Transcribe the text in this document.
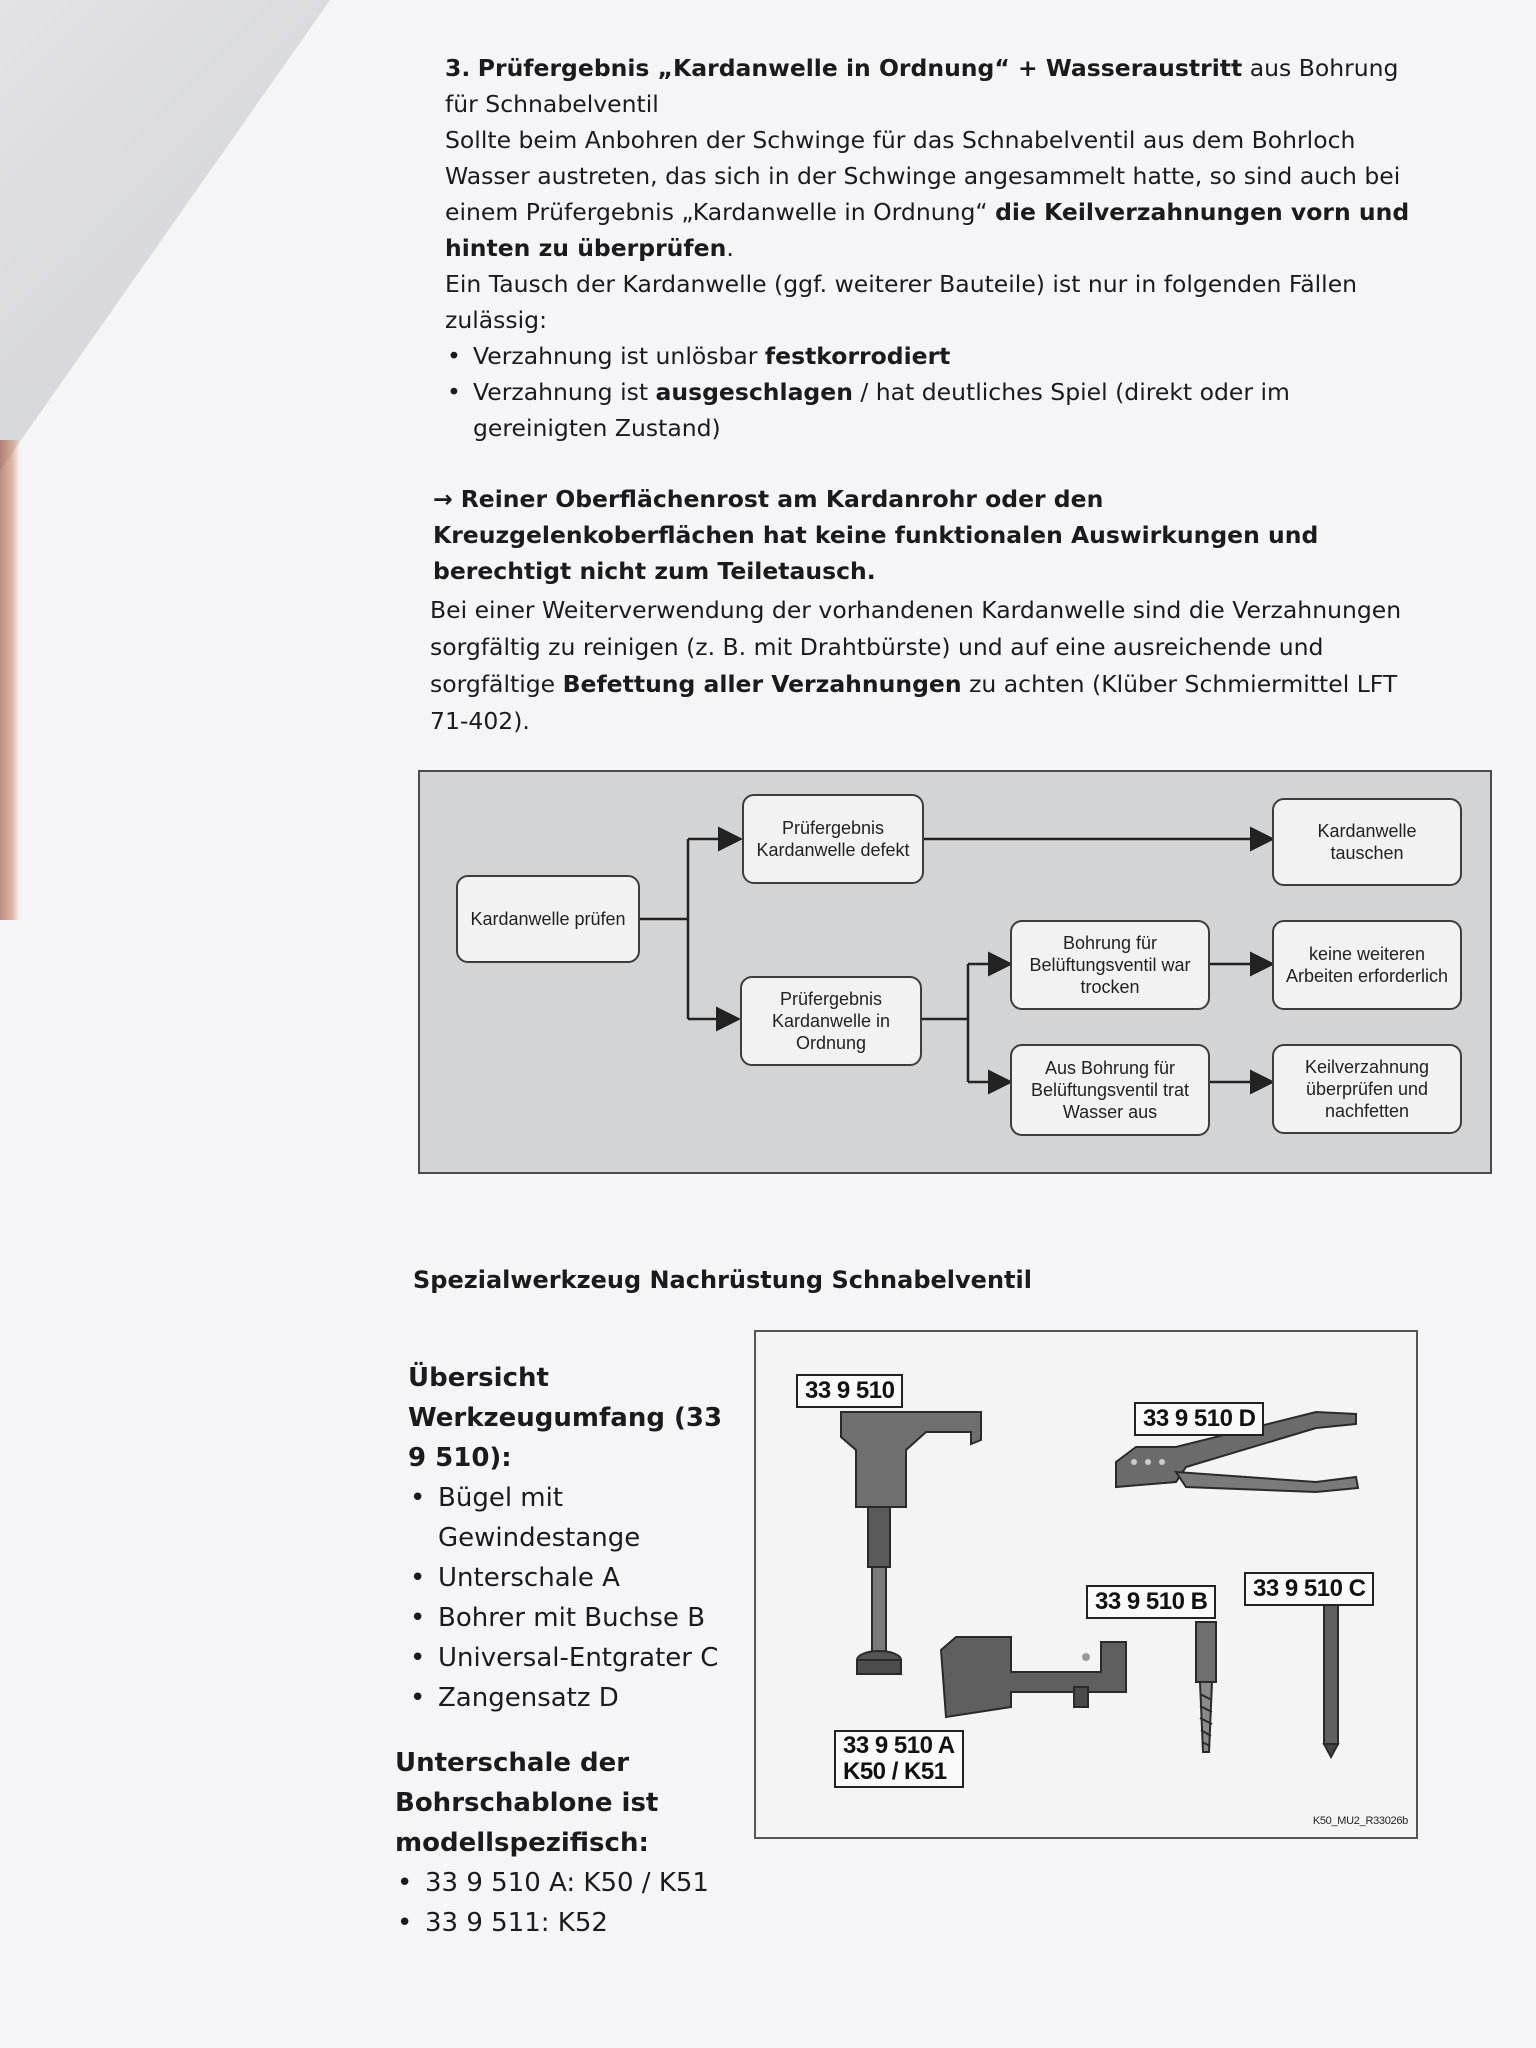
3. Prüfergebnis „Kardanwelle in Ordnung“ + Wasseraustritt aus Bohrung für Schnabelventil

Sollte beim Anbohren der Schwinge für das Schnabelventil aus dem Bohrloch Wasser austreten, das sich in der Schwinge angesammelt hatte, so sind auch bei einem Prüfergebnis „Kardanwelle in Ordnung“ die Keilverzahnungen vorn und hinten zu überprüfen.

Ein Tausch der Kardanwelle (ggf. weiterer Bauteile) ist nur in folgenden Fällen zulässig:

• Verzahnung ist unlösbar festkorrodiert
• Verzahnung ist ausgeschlagen / hat deutliches Spiel (direkt oder im gereinigten Zustand)
→ Reiner Oberflächenrost am Kardanrohr oder den Kreuzgelenkoberflächen hat keine funktionalen Auswirkungen und berechtigt nicht zum Teiletausch.
Bei einer Weiterverwendung der vorhandenen Kardanwelle sind die Verzahnungen sorgfältig zu reinigen (z. B. mit Drahtbürste) und auf eine ausreichende und sorgfältige Befettung aller Verzahnungen zu achten (Klüber Schmiermittel LFT 71-402).
Kardanwelle prüfen
Prüfergebnis Kardanwelle defekt
Prüfergebnis Kardanwelle in Ordnung
Bohrung für Belüftungsventil war trocken
Aus Bohrung für Belüftungsventil trat Wasser aus
Kardanwelle tauschen
keine weiteren Arbeiten erforderlich
Keilverzahnung überprüfen und nachfetten
Spezialwerkzeug Nachrüstung Schnabelventil

Übersicht Werkzeugumfang (33 9 510):

• Bügel mit Gewindestange
• Unterschale A
• Bohrer mit Buchse B
• Universal-Entgrater C
• Zangensatz D

Unterschale der Bohrschablone ist modellspezifisch:

• 33 9 510 A: K50 / K51
• 33 9 511: K52
33 9 510
33 9 510 D
33 9 510 B	33 9 510 C
33 9 510 A
K50 / K51
K50_MU2_R33026b
